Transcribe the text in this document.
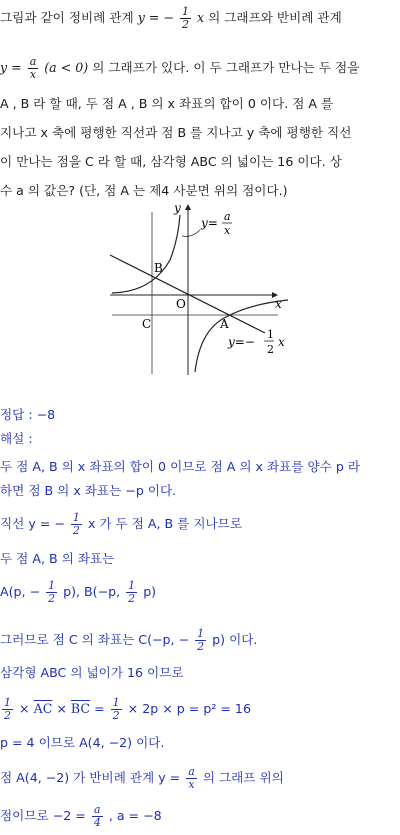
그림과 같이 정비례 관계 y = − $\frac{1}{2}$ x 의 그래프와 반비례 관계
$y = \frac{a}{x} (a < 0)$ 의 그래프가 있다. 이 두 그래프가 만나는 두 점을
A , B 라 할 때, 두 점 A , B 의 x 좌표의 합이 0 이다. 점 A 를
지나고 x 축에 평행한 직선과 점 B 를 지나고 y 축에 평행한 직선
이 만나는 점을 C 라 할 때, 삼각형 ABC 의 넓이는 16 이다. 상
수 a 의 값은? (단, 점 A 는 제4 사분면 위의 점이다.)
y
x
O
B
C	A
y= a
x
y=−
1
2
x
정답 : −8
해설 :
두 점 A, B 의 x 좌표의 합이 0 이므로 점 A 의 x 좌표를 양수 p 라
하면 점 B 의 x 좌표는 −p 이다.
직선 y = − $\frac{1}{2}$ x 가 두 점 A, B 를 지나므로
두 점 A, B 의 좌표는
A(p, − $\frac{1}{2} p$), B(−p, $\frac{1}{2} p$)
그러므로 점 C 의 좌표는 C(−p, − $\frac{1}{2} p$) 이다.
삼각형 ABC 의 넓이가 16 이므로
$\frac{1}{2} \times \overline{AC} \times \overline{BC} = \frac{1}{2} \times 2p \times p = p^2 = 16$
p = 4 이므로 A(4, −2) 이다.
점 A(4, −2) 가 반비례 관계 $y = \frac{a}{x}$ 의 그래프 위의
점이므로 $-2 = \frac{a}{4}$ , a = −8
